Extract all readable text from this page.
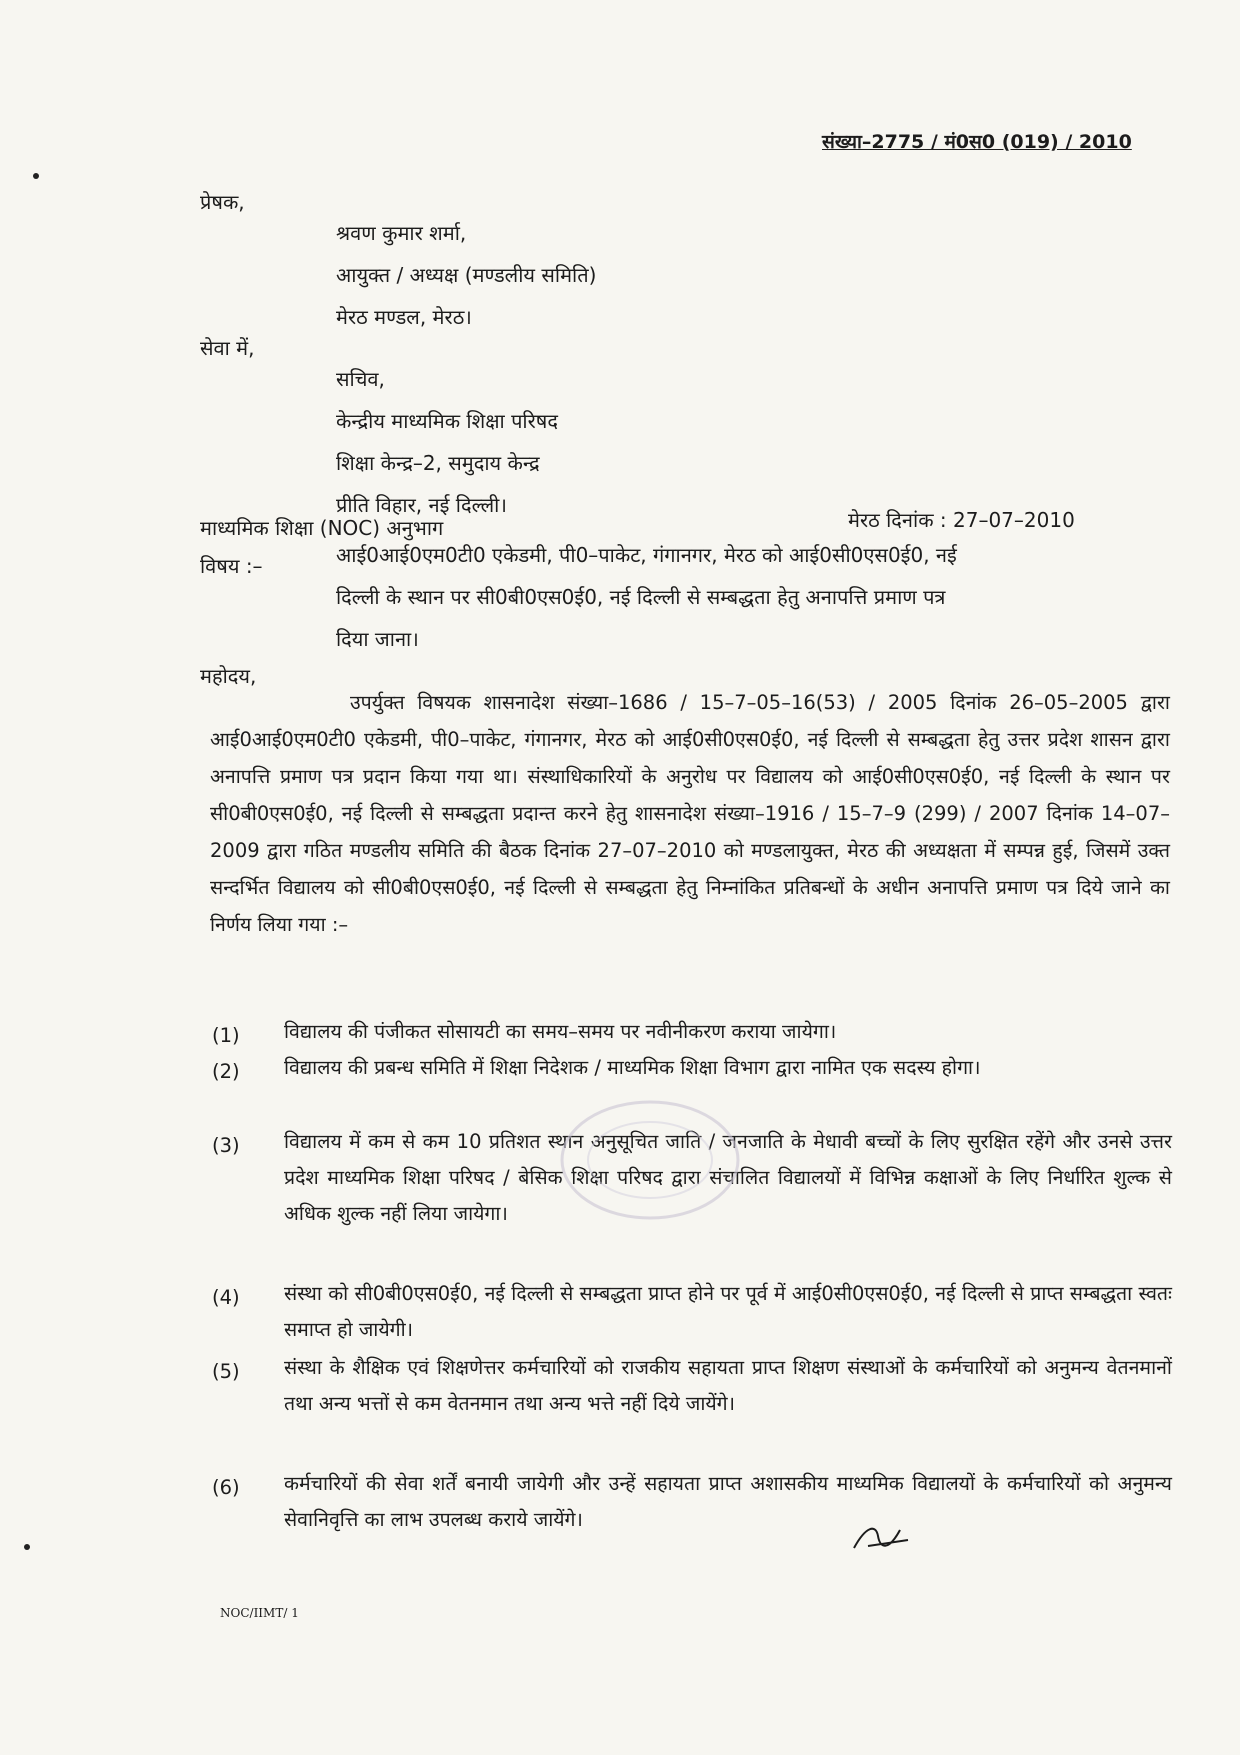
संख्या–2775 / मं0स0 (019) / 2010
प्रेषक,
श्रवण कुमार शर्मा,
आयुक्त / अध्यक्ष (मण्डलीय समिति)
मेरठ मण्डल, मेरठ।
सेवा में,
सचिव,
केन्द्रीय माध्यमिक शिक्षा परिषद
शिक्षा केन्द्र–2, समुदाय केन्द्र
प्रीति विहार, नई दिल्ली।
माध्यमिक शिक्षा (NOC) अनुभाग	मेरठ दिनांक : 27–07–2010
विषय :–	आई0आई0एम0टी0 एकेडमी, पी0–पाकेट, गंगानगर, मेरठ को आई0सी0एस0ई0, नई
दिल्ली के स्थान पर सी0बी0एस0ई0, नई दिल्ली से सम्बद्धता हेतु अनापत्ति प्रमाण पत्र
दिया जाना।
महोदय,
उपर्युक्त विषयक शासनादेश संख्या–1686 / 15–7–05–16(53) / 2005 दिनांक 26–05–2005 द्वारा आई0आई0एम0टी0 एकेडमी, पी0–पाकेट, गंगानगर, मेरठ को आई0सी0एस0ई0, नई दिल्ली से सम्बद्धता हेतु उत्तर प्रदेश शासन द्वारा अनापत्ति प्रमाण पत्र प्रदान किया गया था। संस्थाधिकारियों के अनुरोध पर विद्यालय को आई0सी0एस0ई0, नई दिल्ली के स्थान पर सी0बी0एस0ई0, नई दिल्ली से सम्बद्धता प्रदान्त करने हेतु शासनादेश संख्या–1916 / 15–7–9 (299) / 2007 दिनांक 14–07–2009 द्वारा गठित मण्डलीय समिति की बैठक दिनांक 27–07–2010 को मण्डलायुक्त, मेरठ की अध्यक्षता में सम्पन्न हुई, जिसमें उक्त सन्दर्भित विद्यालय को सी0बी0एस0ई0, नई दिल्ली से सम्बद्धता हेतु निम्नांकित प्रतिबन्धों के अधीन अनापत्ति प्रमाण पत्र दिये जाने का निर्णय लिया गया :–
(1)	विद्यालय की पंजीकत सोसायटी का समय–समय पर नवीनीकरण कराया जायेगा।
(2)	विद्यालय की प्रबन्ध समिति में शिक्षा निदेशक / माध्यमिक शिक्षा विभाग द्वारा नामित एक सदस्य होगा।
(3)	विद्यालय में कम से कम 10 प्रतिशत स्थान अनुसूचित जाति / जनजाति के मेधावी बच्चों के लिए सुरक्षित रहेंगे और उनसे उत्तर प्रदेश माध्यमिक शिक्षा परिषद / बेसिक शिक्षा परिषद द्वारा संचालित विद्यालयों में विभिन्न कक्षाओं के लिए निर्धारित शुल्क से अधिक शुल्क नहीं लिया जायेगा।
(4)	संस्था को सी0बी0एस0ई0, नई दिल्ली से सम्बद्धता प्राप्त होने पर पूर्व में आई0सी0एस0ई0, नई दिल्ली से प्राप्त सम्बद्धता स्वतः समाप्त हो जायेगी।
(5)	संस्था के शैक्षिक एवं शिक्षणेत्तर कर्मचारियों को राजकीय सहायता प्राप्त शिक्षण संस्थाओं के कर्मचारियों को अनुमन्य वेतनमानों तथा अन्य भत्तों से कम वेतनमान तथा अन्य भत्ते नहीं दिये जायेंगे।
(6)	कर्मचारियों की सेवा शर्तें बनायी जायेगी और उन्हें सहायता प्राप्त अशासकीय माध्यमिक विद्यालयों के कर्मचारियों को अनुमन्य सेवानिवृत्ति का लाभ उपलब्ध कराये जायेंगे।
NOC/IIMT/ 1
